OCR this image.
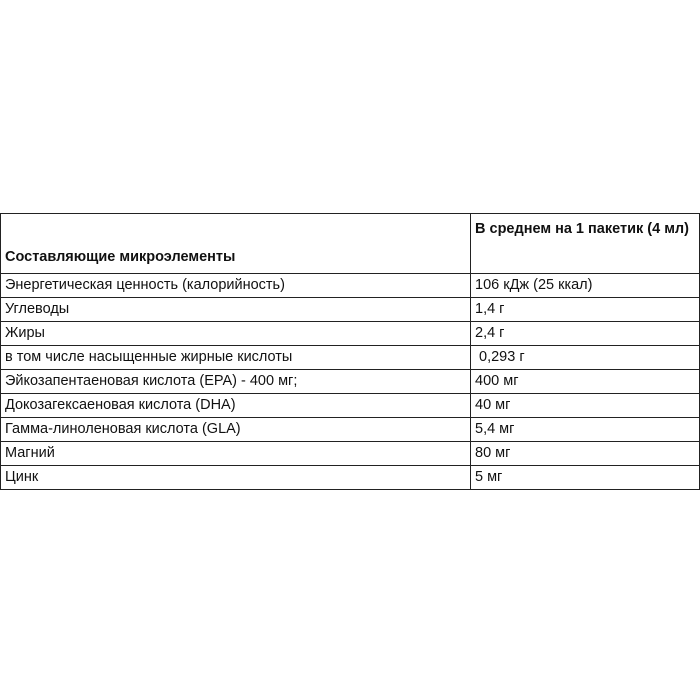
Составляющие микроэлементы	В среднем на 1 пакетик (4 мл)
Энергетическая ценность (калорийность)	106 кДж (25 ккал)
Углеводы	1,4 г
Жиры	2,4 г
в том числе насыщенные жирные кислоты	0,293 г
Эйкозапентаеновая кислота (EPA) - 400 мг;	400 мг
Докозагексаеновая кислота (DHA)	40 мг
Гамма-линоленовая кислота (GLA)	5,4 мг
Магний	80 мг
Цинк	5 мг
